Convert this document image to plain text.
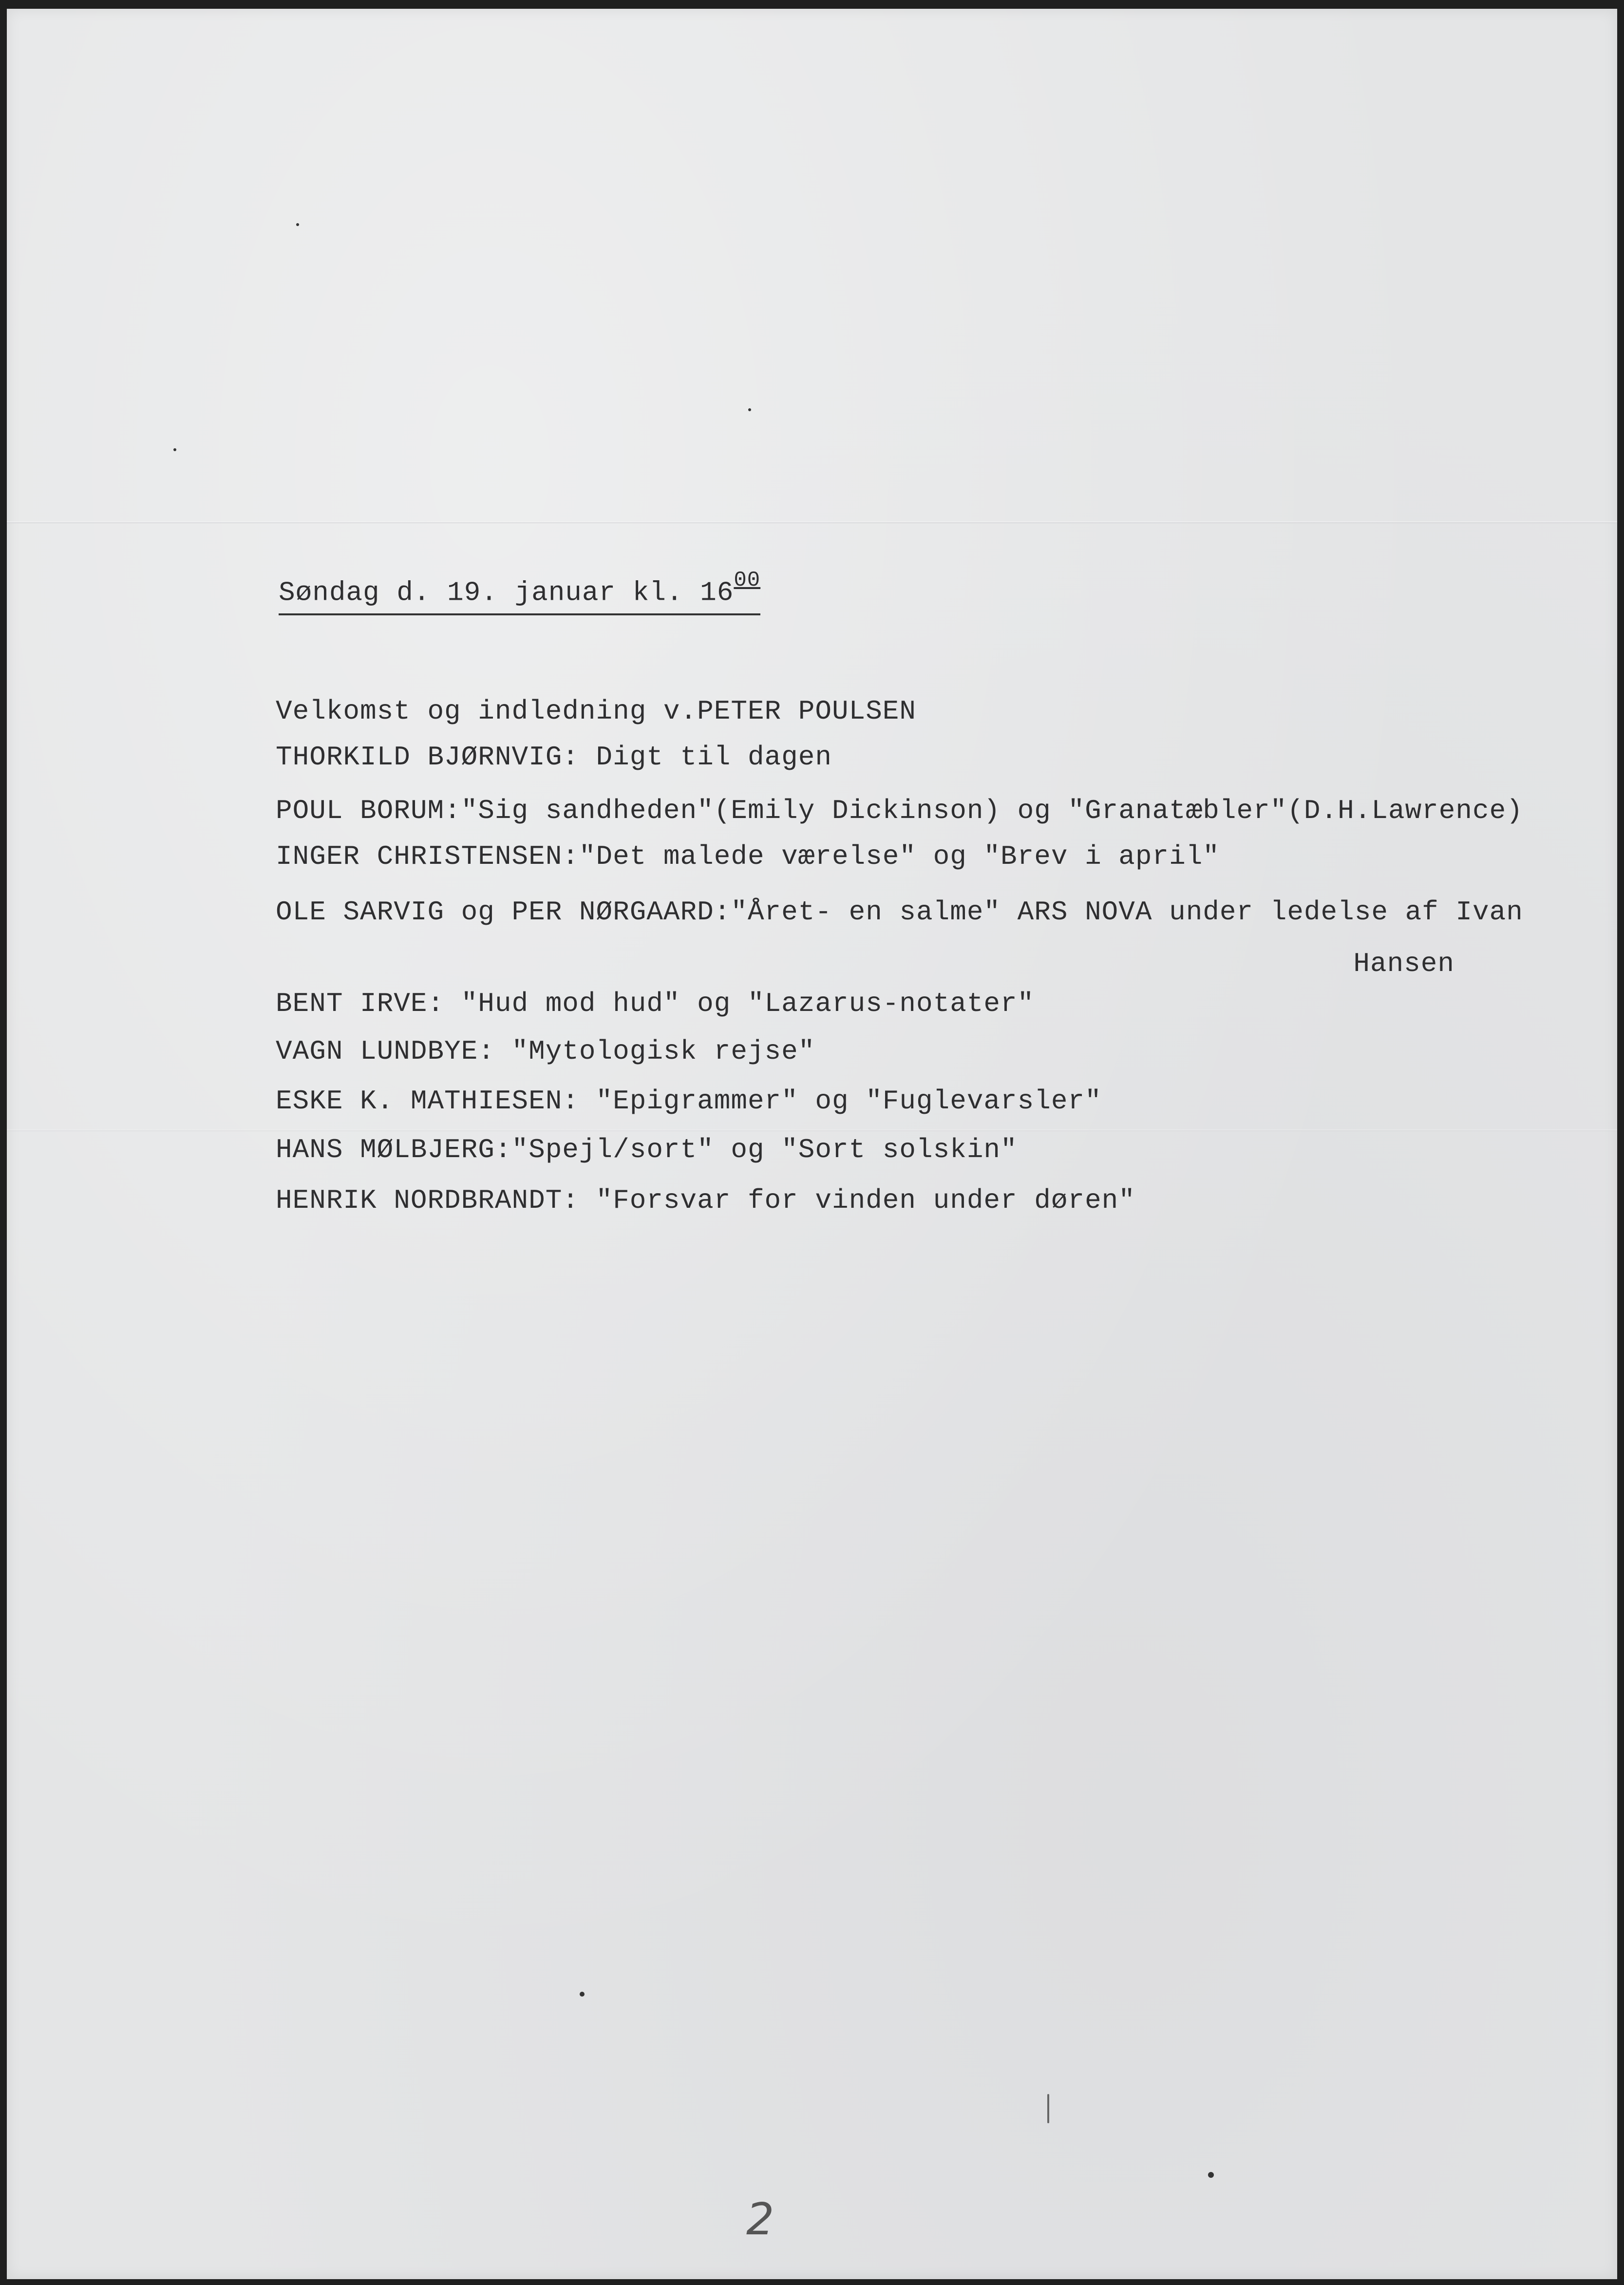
Søndag d. 19. januar kl. $16^{00}$
Velkomst og indledning v.PETER POULSEN
THORKILD BJØRNVIG: Digt til dagen
POUL BORUM:"Sig sandheden"(Emily Dickinson) og "Granatæbler"(D.H.Lawrence)
INGER CHRISTENSEN:"Det malede værelse" og "Brev i april"
OLE SARVIG og PER NØRGAARD:"Året- en salme" ARS NOVA under ledelse af Ivan
Hansen
BENT IRVE: "Hud mod hud" og "Lazarus-notater"
VAGN LUNDBYE: "Mytologisk rejse"
ESKE K. MATHIESEN: "Epigrammer" og "Fuglevarsler"
HANS MØLBJERG:"Spejl/sort" og "Sort solskin"
HENRIK NORDBRANDT: "Forsvar for vinden under døren"
2
